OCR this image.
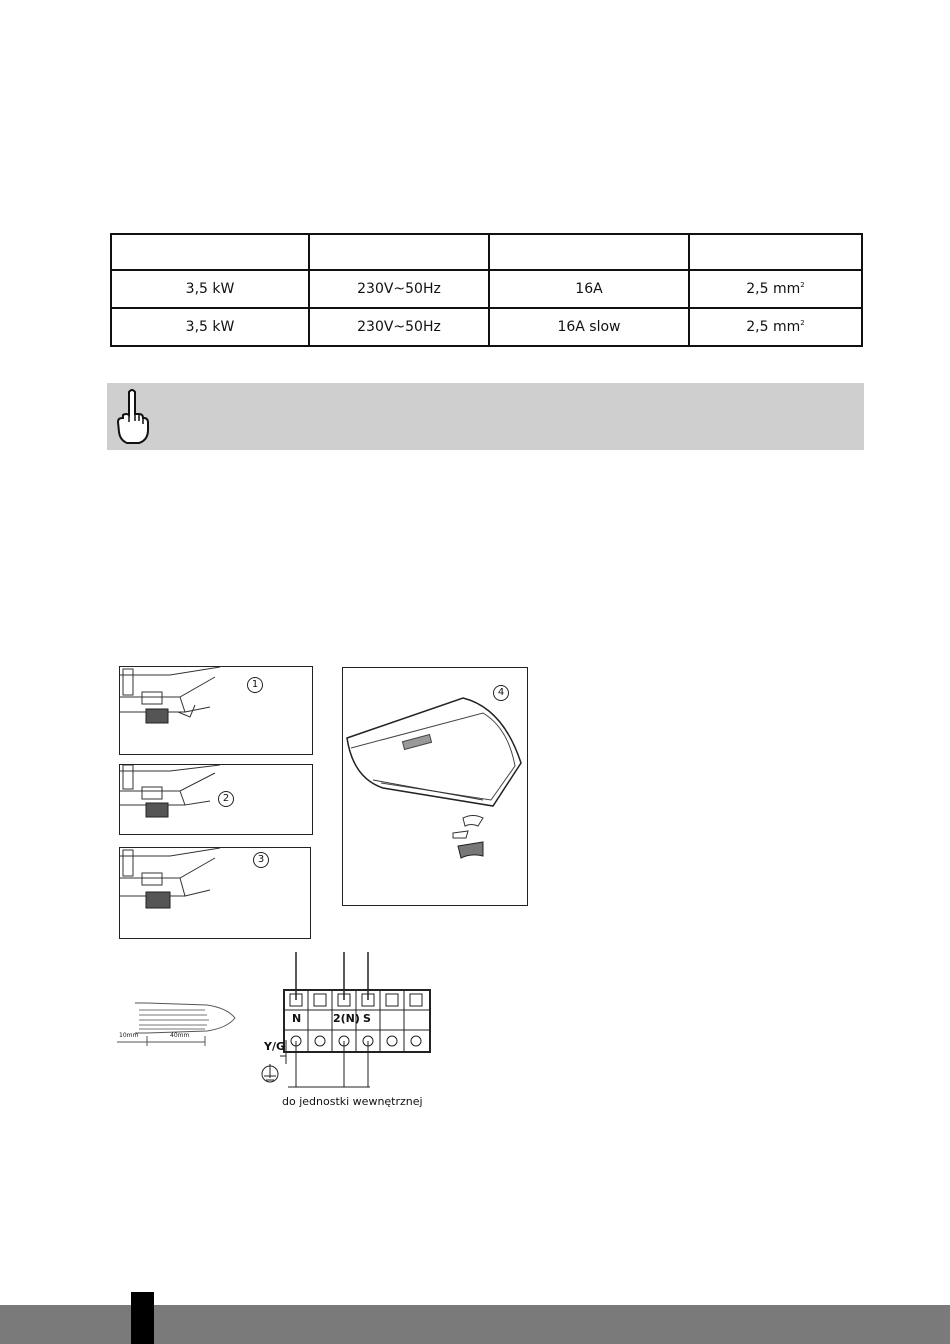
3,5 kW	230V~50Hz	16A	2,5 $mm^2$
3,5 kW	230V~50Hz	16A slow	2,5 $mm^2$
1
2
3
4
10mm	40mm
Y/G
N	2(N) S
do jednostki wewnętrznej
